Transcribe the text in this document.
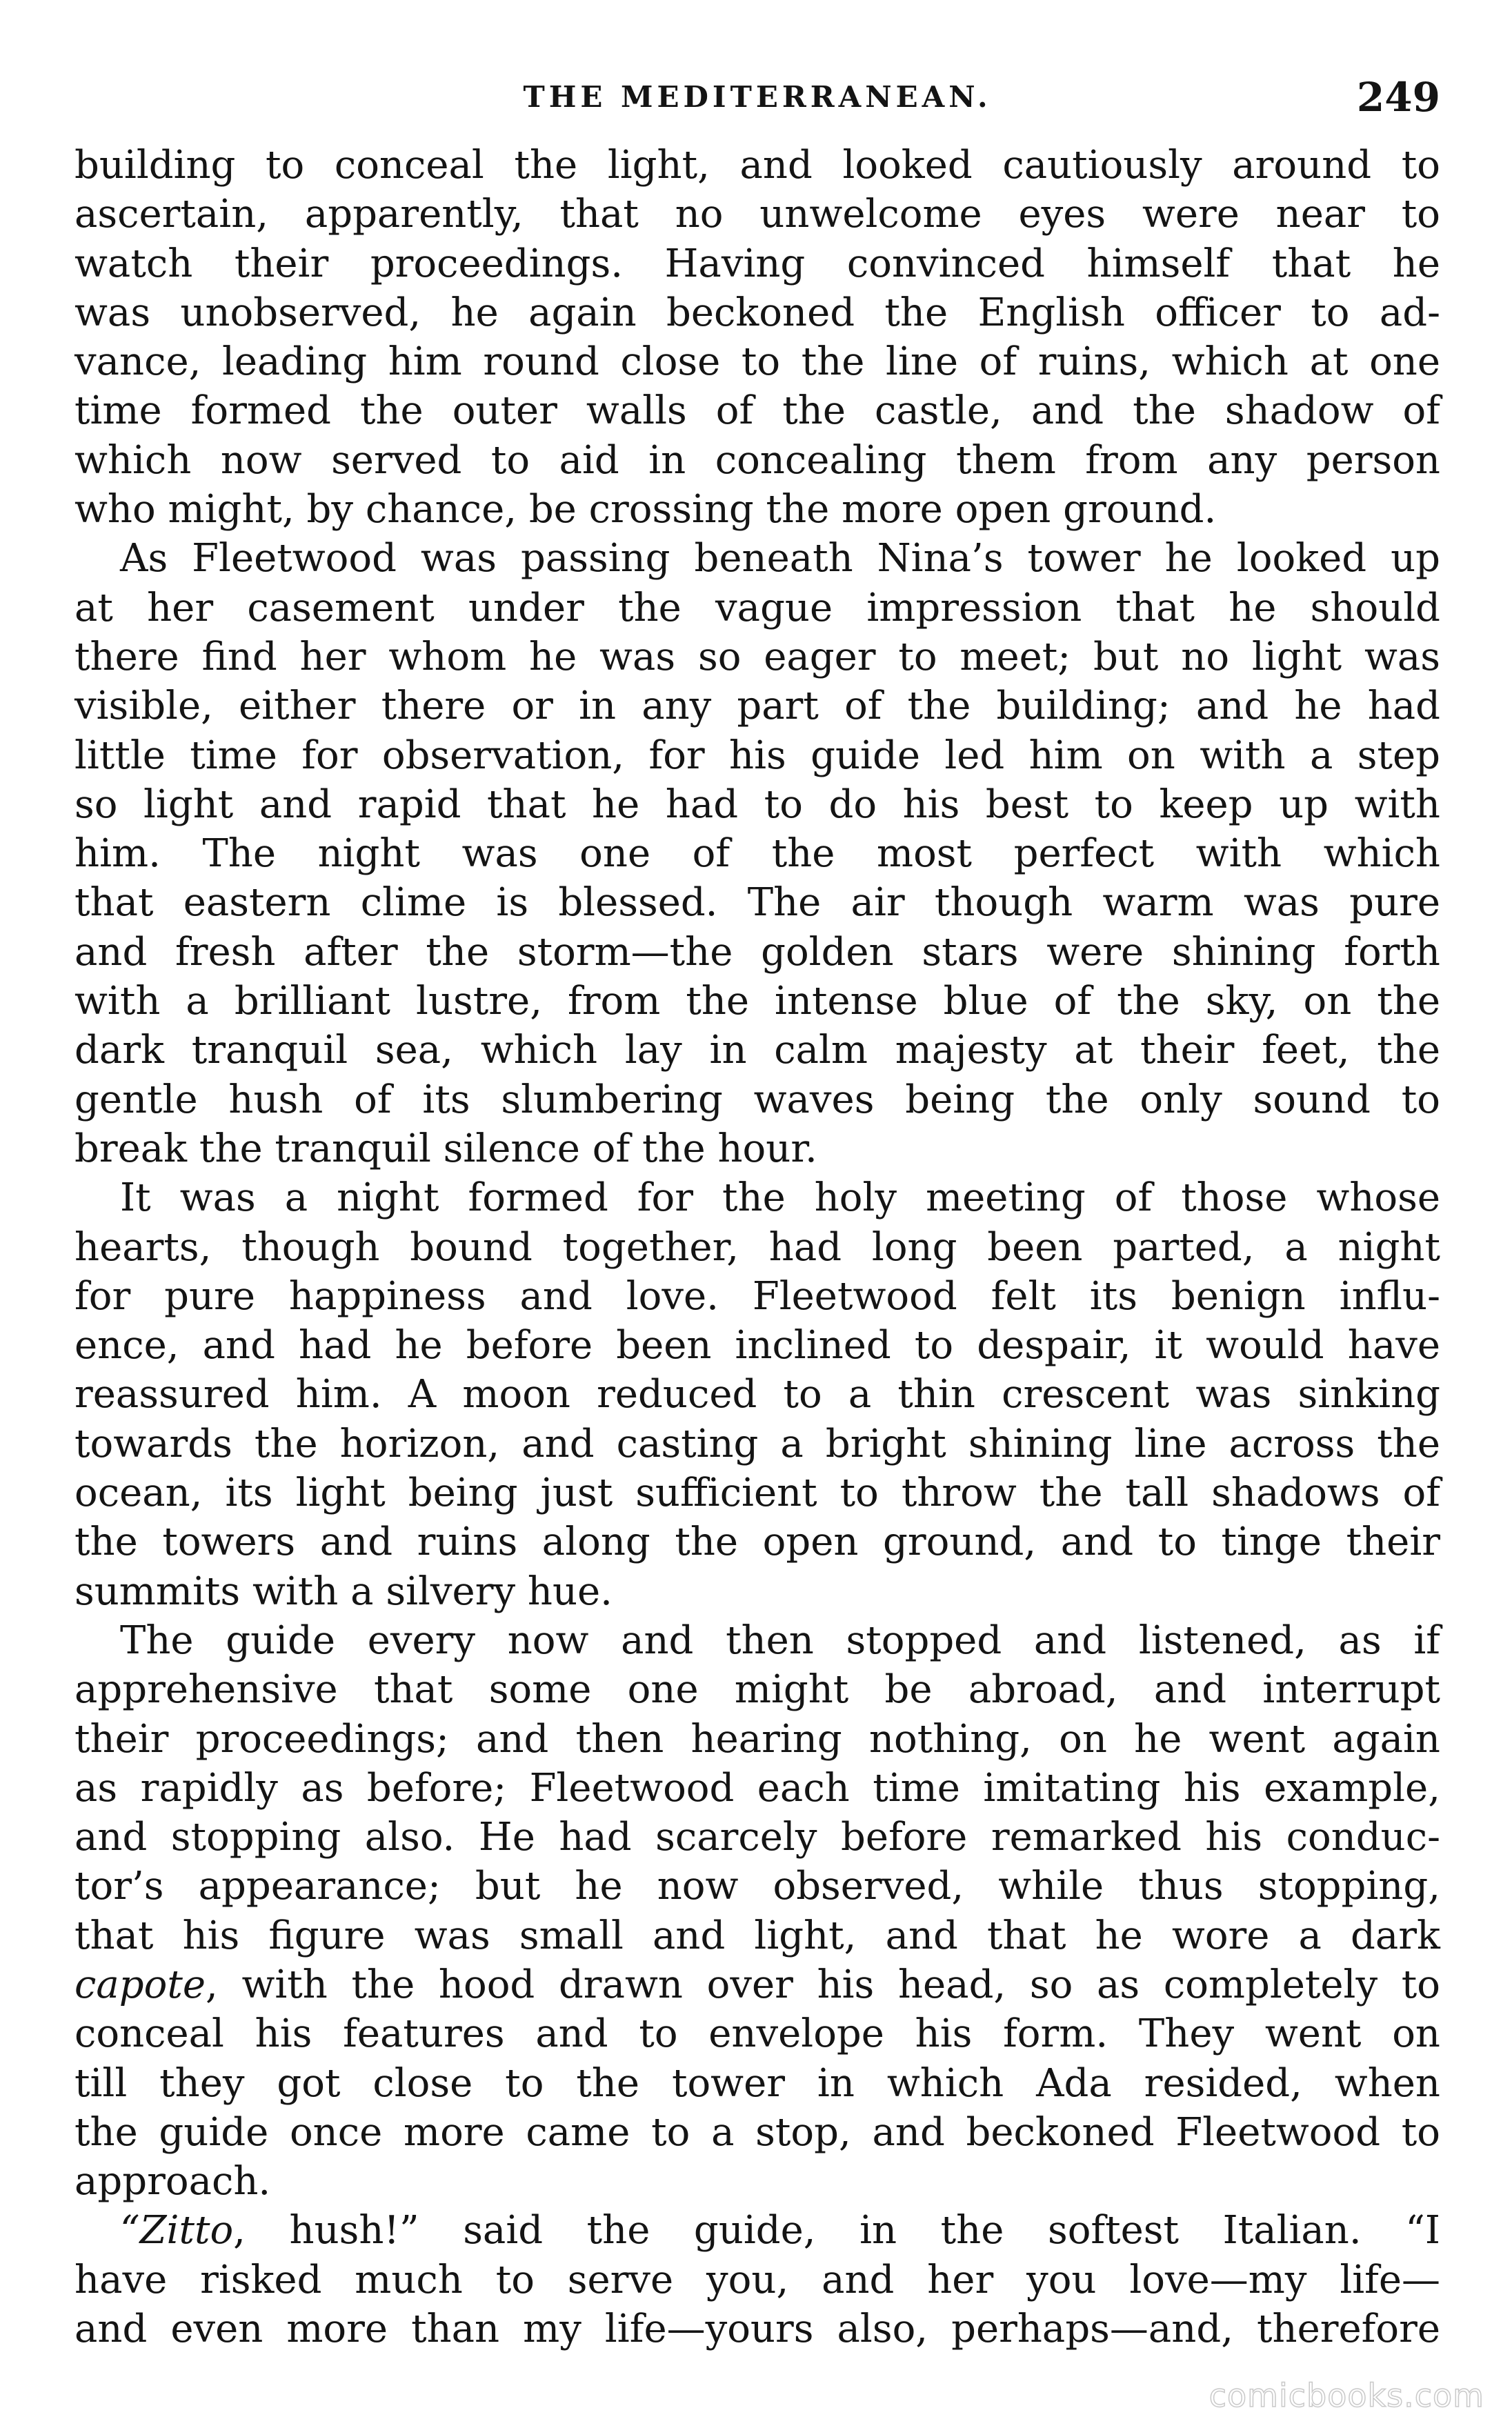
THE MEDITERRANEAN.	249
building to conceal the light, and looked cautiously around to
ascertain, apparently, that no unwelcome eyes were near to
watch their proceedings. Having convinced himself that he
was unobserved, he again beckoned the English officer to ad-
vance, leading him round close to the line of ruins, which at one
time formed the outer walls of the castle, and the shadow of
which now served to aid in concealing them from any person
who might, by chance, be crossing the more open ground.
As Fleetwood was passing beneath Nina’s tower he looked up
at her casement under the vague impression that he should
there find her whom he was so eager to meet; but no light was
visible, either there or in any part of the building; and he had
little time for observation, for his guide led him on with a step
so light and rapid that he had to do his best to keep up with
him. The night was one of the most perfect with which
that eastern clime is blessed. The air though warm was pure
and fresh after the storm—the golden stars were shining forth
with a brilliant lustre, from the intense blue of the sky, on the
dark tranquil sea, which lay in calm majesty at their feet, the
gentle hush of its slumbering waves being the only sound to
break the tranquil silence of the hour.
It was a night formed for the holy meeting of those whose
hearts, though bound together, had long been parted, a night
for pure happiness and love. Fleetwood felt its benign influ-
ence, and had he before been inclined to despair, it would have
reassured him. A moon reduced to a thin crescent was sinking
towards the horizon, and casting a bright shining line across the
ocean, its light being just sufficient to throw the tall shadows of
the towers and ruins along the open ground, and to tinge their
summits with a silvery hue.
The guide every now and then stopped and listened, as if
apprehensive that some one might be abroad, and interrupt
their proceedings; and then hearing nothing, on he went again
as rapidly as before; Fleetwood each time imitating his example,
and stopping also. He had scarcely before remarked his conduc-
tor’s appearance; but he now observed, while thus stopping,
that his figure was small and light, and that he wore a dark
capote, with the hood drawn over his head, so as completely to
conceal his features and to envelope his form. They went on
till they got close to the tower in which Ada resided, when
the guide once more came to a stop, and beckoned Fleetwood to
approach.
“Zitto, hush!” said the guide, in the softest Italian. “I
have risked much to serve you, and her you love—my life—
and even more than my life—yours also, perhaps—and, therefore
comicbooks.com
